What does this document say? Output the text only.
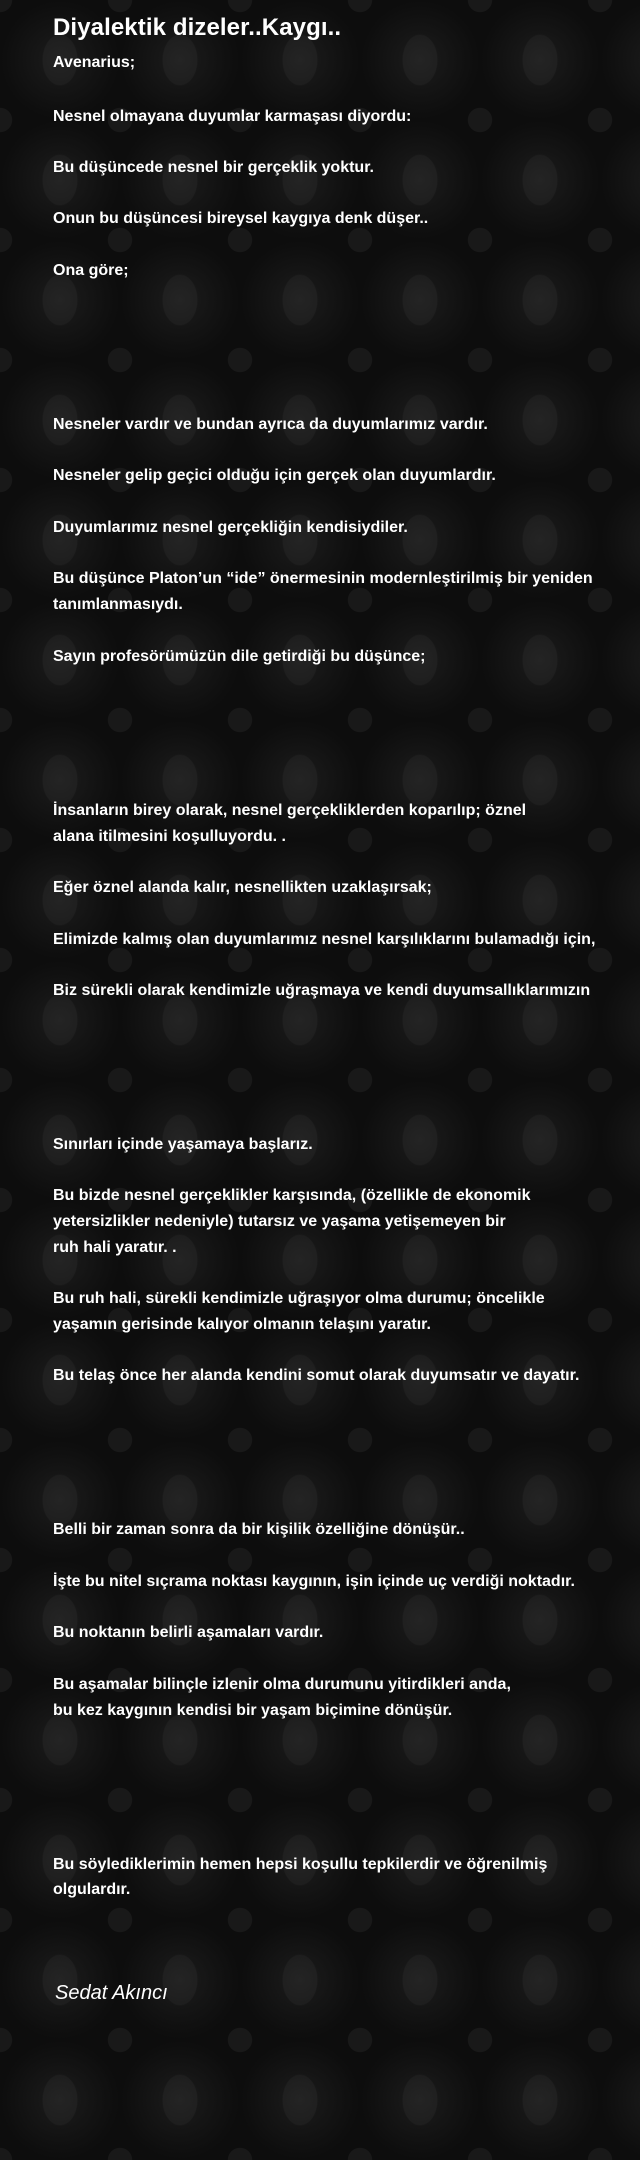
Diyalektik dizeler..Kaygı..
Avenarius;
Nesnel olmayana duyumlar karmaşası diyordu:
Bu düşüncede nesnel bir gerçeklik yoktur.
Onun bu düşüncesi bireysel kaygıya denk düşer..
Ona göre;
Nesneler vardır ve bundan ayrıca da duyumlarımız vardır.
Nesneler gelip geçici olduğu için gerçek olan duyumlardır.
Duyumlarımız nesnel gerçekliğin kendisiydiler.
Bu düşünce Platon’un “ide” önermesinin modernleştirilmiş bir yeniden
tanımlanmasıydı.
Sayın profesörümüzün dile getirdiği bu düşünce;
İnsanların birey olarak, nesnel gerçekliklerden koparılıp; öznel
alana itilmesini koşulluyordu. .
Eğer öznel alanda kalır, nesnellikten uzaklaşırsak;
Elimizde kalmış olan duyumlarımız nesnel karşılıklarını bulamadığı için,
Biz sürekli olarak kendimizle uğraşmaya ve kendi duyumsallıklarımızın
Sınırları içinde yaşamaya başlarız.
Bu bizde nesnel gerçeklikler karşısında, (özellikle de ekonomik
yetersizlikler nedeniyle) tutarsız ve yaşama yetişemeyen bir
ruh hali yaratır. .
Bu ruh hali, sürekli kendimizle uğraşıyor olma durumu; öncelikle
yaşamın gerisinde kalıyor olmanın telaşını yaratır.
Bu telaş önce her alanda kendini somut olarak duyumsatır ve dayatır.
Belli bir zaman sonra da bir kişilik özelliğine dönüşür..
İşte bu nitel sıçrama noktası kaygının, işin içinde uç verdiği noktadır.
Bu noktanın belirli aşamaları vardır.
Bu aşamalar bilinçle izlenir olma durumunu yitirdikleri anda,
bu kez kaygının kendisi bir yaşam biçimine dönüşür.
Bu söylediklerimin hemen hepsi koşullu tepkilerdir ve öğrenilmiş
olgulardır.
Sedat Akıncı
